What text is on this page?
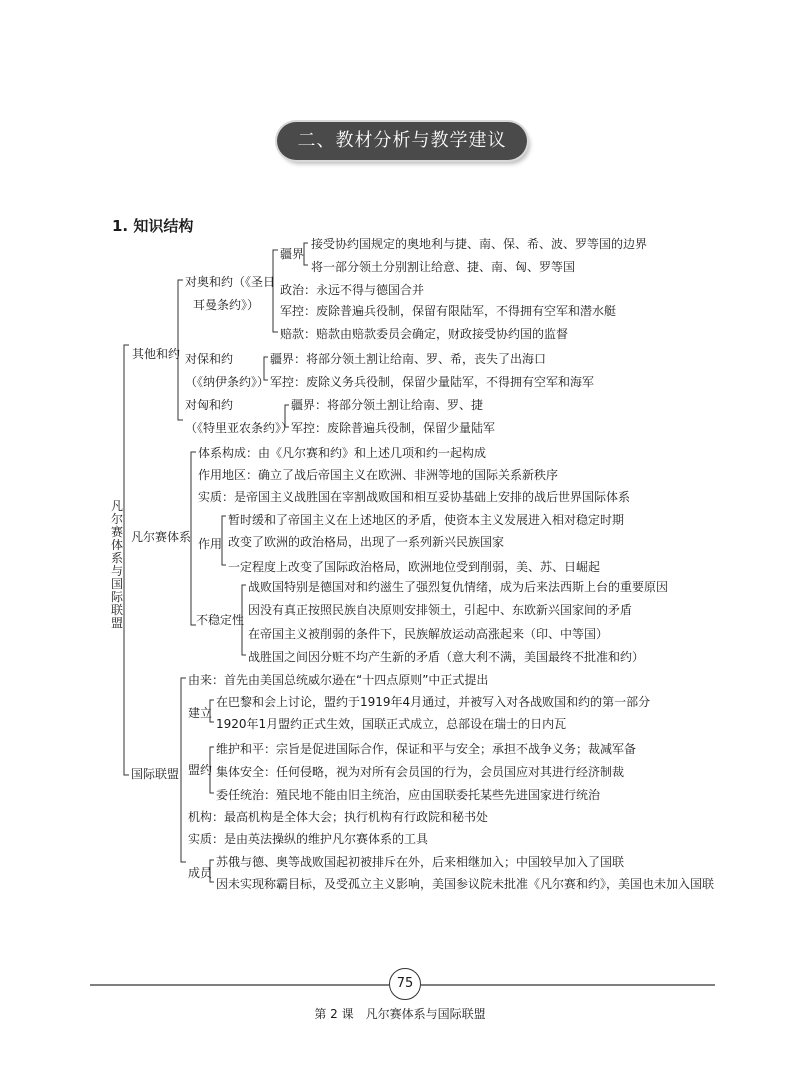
二、教材分析与教学建议
1. 知识结构
凡尔赛体系与国际联盟
其他和约
对奥和约（《圣日
耳曼条约》）
疆界
接受协约国规定的奥地利与捷、南、保、希、波、罗等国的边界
将一部分领土分别割让给意、捷、南、匈、罗等国
政治：永远不得与德国合并
军控：废除普遍兵役制，保留有限陆军，不得拥有空军和潜水艇
赔款：赔款由赔款委员会确定，财政接受协约国的监督
对保和约
（《纳伊条约》）
疆界：将部分领土割让给南、罗、希，丧失了出海口
军控：废除义务兵役制，保留少量陆军，不得拥有空军和海军
对匈和约
（《特里亚农条约》）
疆界：将部分领土割让给南、罗、捷
军控：废除普遍兵役制，保留少量陆军
凡尔赛体系
体系构成：由《凡尔赛和约》和上述几项和约一起构成
作用地区：确立了战后帝国主义在欧洲、非洲等地的国际关系新秩序
实质：是帝国主义战胜国在宰割战败国和相互妥协基础上安排的战后世界国际体系
作用
暂时缓和了帝国主义在上述地区的矛盾，使资本主义发展进入相对稳定时期
改变了欧洲的政治格局，出现了一系列新兴民族国家
一定程度上改变了国际政治格局，欧洲地位受到削弱，美、苏、日崛起
不稳定性
战败国特别是德国对和约滋生了强烈复仇情绪，成为后来法西斯上台的重要原因
因没有真正按照民族自决原则安排领土，引起中、东欧新兴国家间的矛盾
在帝国主义被削弱的条件下，民族解放运动高涨起来（印、中等国）
战胜国之间因分赃不均产生新的矛盾（意大利不满，美国最终不批准和约）
国际联盟
由来：首先由美国总统威尔逊在“十四点原则”中正式提出
建立
在巴黎和会上讨论，盟约于1919年4月通过，并被写入对各战败国和约的第一部分
1920年1月盟约正式生效，国联正式成立，总部设在瑞士的日内瓦
盟约
维护和平：宗旨是促进国际合作，保证和平与安全；承担不战争义务；裁减军备
集体安全：任何侵略，视为对所有会员国的行为，会员国应对其进行经济制裁
委任统治：殖民地不能由旧主统治，应由国联委托某些先进国家进行统治
机构：最高机构是全体大会；执行机构有行政院和秘书处
实质：是由英法操纵的维护凡尔赛体系的工具
成员
苏俄与德、奥等战败国起初被排斥在外，后来相继加入；中国较早加入了国联
因未实现称霸目标，及受孤立主义影响，美国参议院未批准《凡尔赛和约》，美国也未加入国联
75
第 2 课　凡尔赛体系与国际联盟
